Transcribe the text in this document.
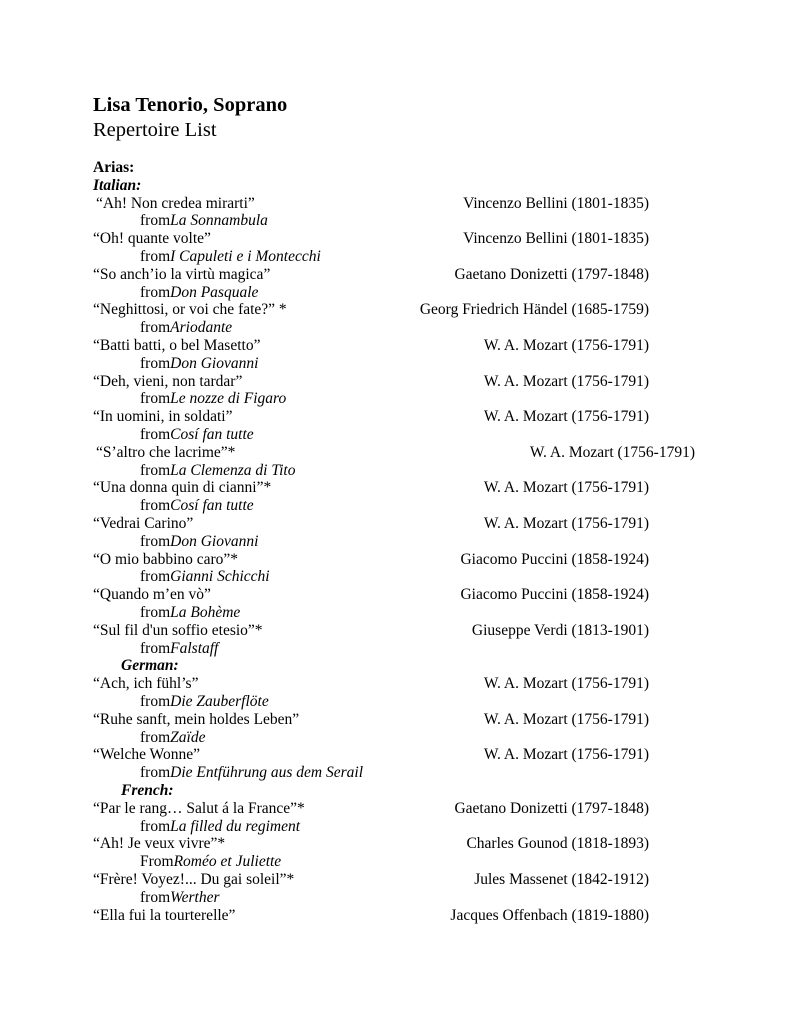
Lisa Tenorio, Soprano
Repertoire List
Arias:
Italian:
“Ah! Non credea mirarti”	Vincenzo Bellini (1801-1835)
from La Sonnambula
“Oh! quante volte”	Vincenzo Bellini (1801-1835)
from I Capuleti e i Montecchi
“So anch’io la virtù magica”	Gaetano Donizetti (1797-1848)
from Don Pasquale
“Neghittosi, or voi che fate?” *	Georg Friedrich Händel (1685-1759)
from Ariodante
“Batti batti, o bel Masetto”	W. A. Mozart (1756-1791)
from Don Giovanni
“Deh, vieni, non tardar”	W. A. Mozart (1756-1791)
from Le nozze di Figaro
“In uomini, in soldati”	W. A. Mozart (1756-1791)
from Cosí fan tutte
“S’altro che lacrime”*	W. A. Mozart (1756-1791)
from La Clemenza di Tito
“Una donna quin di cianni”*	W. A. Mozart (1756-1791)
from Cosí fan tutte
“Vedrai Carino”	W. A. Mozart (1756-1791)
from Don Giovanni
“O mio babbino caro”*	Giacomo Puccini (1858-1924)
from Gianni Schicchi
“Quando m’en vò”	Giacomo Puccini (1858-1924)
from La Bohème
“Sul fil d'un soffio etesio”*	Giuseppe Verdi (1813-1901)
from Falstaff
German:
“Ach, ich fühl’s”	W. A. Mozart (1756-1791)
from Die Zauberflöte
“Ruhe sanft, mein holdes Leben”	W. A. Mozart (1756-1791)
from Zaïde
“Welche Wonne”	W. A. Mozart (1756-1791)
from Die Entführung aus dem Serail
French:
“Par le rang… Salut á la France”*	Gaetano Donizetti (1797-1848)
from La filled du regiment
“Ah! Je veux vivre”*	Charles Gounod (1818-1893)
From Roméo et Juliette
“Frère! Voyez!... Du gai soleil”*	Jules Massenet (1842-1912)
from Werther
“Ella fui la tourterelle”	Jacques Offenbach (1819-1880)
